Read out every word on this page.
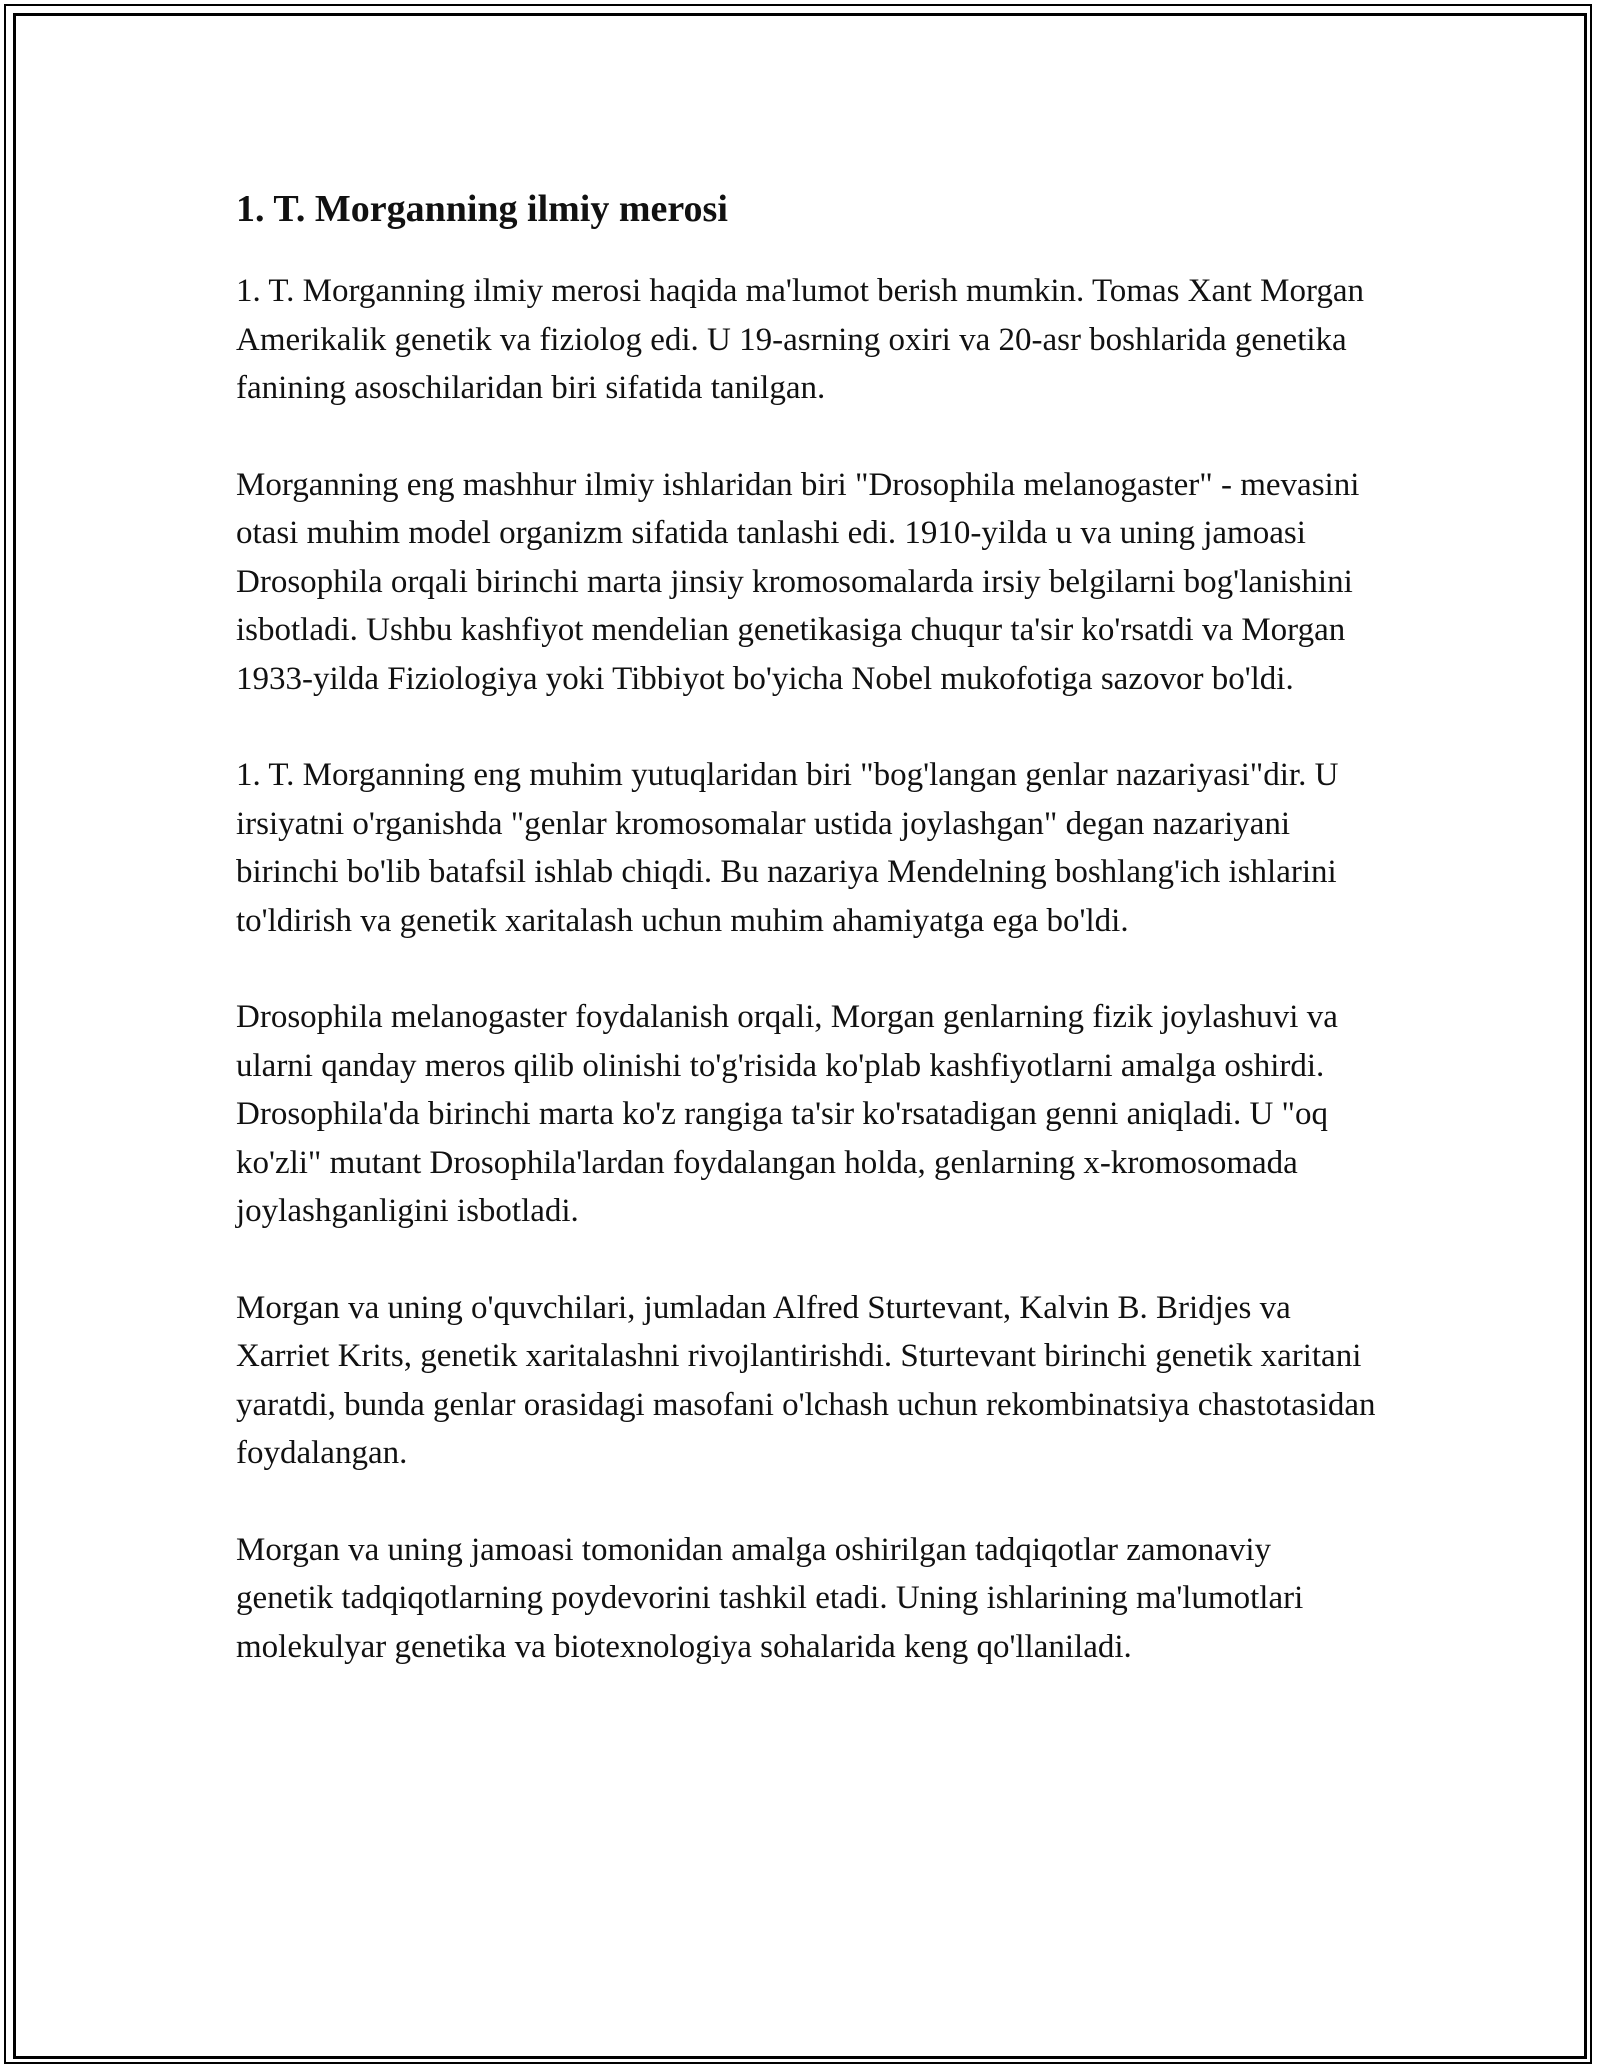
1. T. Morganning ilmiy merosi

1. T. Morganning ilmiy merosi haqida ma'lumot berish mumkin. Tomas Xant Morgan Amerikalik genetik va fiziolog edi. U 19-asrning oxiri va 20-asr boshlarida genetika fanining asoschilaridan biri sifatida tanilgan.

Morganning eng mashhur ilmiy ishlaridan biri "Drosophila melanogaster" - mevasini otasi muhim model organizm sifatida tanlashi edi. 1910-yilda u va uning jamoasi Drosophila orqali birinchi marta jinsiy kromosomalarda irsiy belgilarni bog'lanishini isbotladi. Ushbu kashfiyot mendelian genetikasiga chuqur ta'sir ko'rsatdi va Morgan 1933-yilda Fiziologiya yoki Tibbiyot bo'yicha Nobel mukofotiga sazovor bo'ldi.

1. T. Morganning eng muhim yutuqlaridan biri "bog'langan genlar nazariyasi"dir. U irsiyatni o'rganishda "genlar kromosomalar ustida joylashgan" degan nazariyani birinchi bo'lib batafsil ishlab chiqdi. Bu nazariya Mendelning boshlang'ich ishlarini to'ldirish va genetik xaritalash uchun muhim ahamiyatga ega bo'ldi.

Drosophila melanogaster foydalanish orqali, Morgan genlarning fizik joylashuvi va ularni qanday meros qilib olinishi to'g'risida ko'plab kashfiyotlarni amalga oshirdi. Drosophila'da birinchi marta ko'z rangiga ta'sir ko'rsatadigan genni aniqladi. U "oq ko'zli" mutant Drosophila'lardan foydalangan holda, genlarning x-kromosomada joylashganligini isbotladi.

Morgan va uning o'quvchilari, jumladan Alfred Sturtevant, Kalvin B. Bridjes va Xarriet Krits, genetik xaritalashni rivojlantirishdi. Sturtevant birinchi genetik xaritani yaratdi, bunda genlar orasidagi masofani o'lchash uchun rekombinatsiya chastotasidan foydalangan.

Morgan va uning jamoasi tomonidan amalga oshirilgan tadqiqotlar zamonaviy genetik tadqiqotlarning poydevorini tashkil etadi. Uning ishlarining ma'lumotlari molekulyar genetika va biotexnologiya sohalarida keng qo'llaniladi.
